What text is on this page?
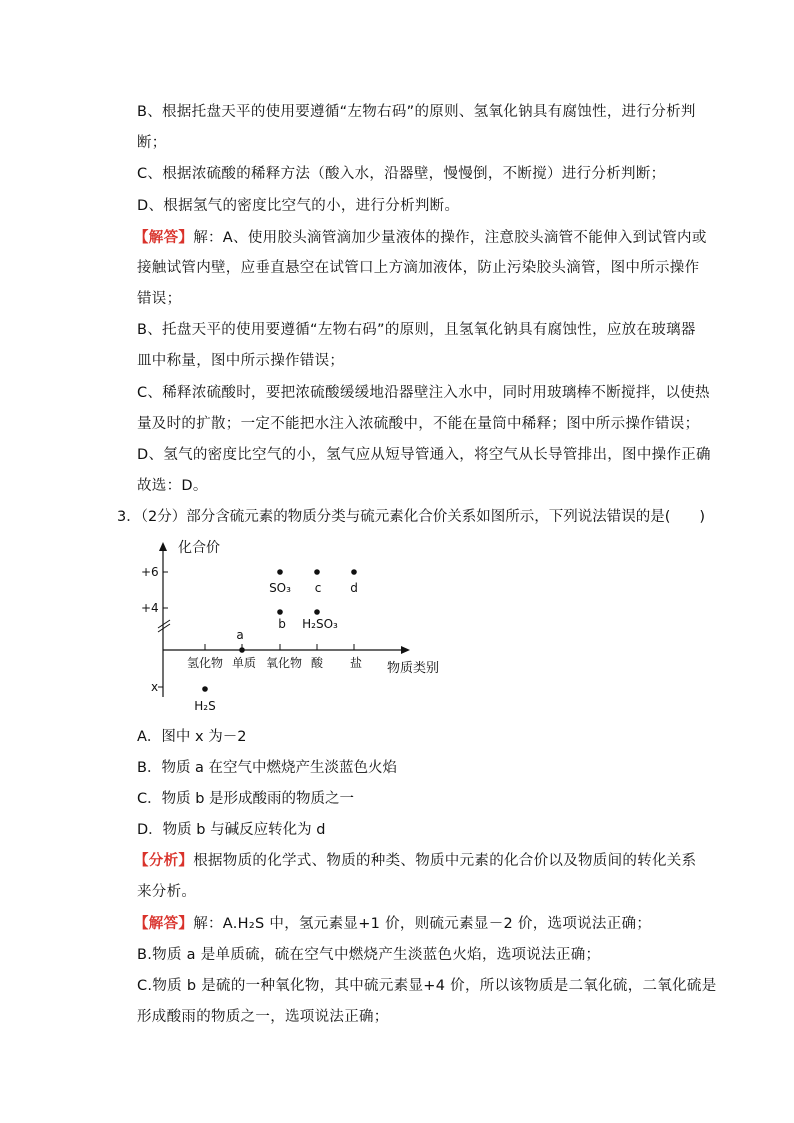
B、根据托盘天平的使用要遵循“左物右码”的原则、氢氧化钠具有腐蚀性，进行分析判
断；
C、根据浓硫酸的稀释方法（酸入水，沿器壁，慢慢倒，不断搅）进行分析判断；
D、根据氢气的密度比空气的小，进行分析判断。
【解答】解：A、使用胶头滴管滴加少量液体的操作，注意胶头滴管不能伸入到试管内或
接触试管内壁，应垂直悬空在试管口上方滴加液体，防止污染胶头滴管，图中所示操作
错误；
B、托盘天平的使用要遵循“左物右码”的原则，且氢氧化钠具有腐蚀性，应放在玻璃器
皿中称量，图中所示操作错误；
C、稀释浓硫酸时，要把浓硫酸缓缓地沿器壁注入水中，同时用玻璃棒不断搅拌，以使热
量及时的扩散；一定不能把水注入浓硫酸中，不能在量筒中稀释；图中所示操作错误；
D、氢气的密度比空气的小，氢气应从短导管通入，将空气从长导管排出，图中操作正确
故选：D。
3．（2分）部分含硫元素的物质分类与硫元素化合价关系如图所示，下列说法错误的是(　　)
化合价
物质类别
+6
+4
x
氢化物 单质 氧化物 酸 盐
SO₃ c d
b H₂SO₃
a
H₂S
A．图中 x 为－2
B．物质 a 在空气中燃烧产生淡蓝色火焰
C．物质 b 是形成酸雨的物质之一
D．物质 b 与碱反应转化为 d
【分析】根据物质的化学式、物质的种类、物质中元素的化合价以及物质间的转化关系
来分析。
【解答】解：A.H₂S 中，氢元素显+1 价，则硫元素显－2 价，选项说法正确；
B.物质 a 是单质硫，硫在空气中燃烧产生淡蓝色火焰，选项说法正确；
C.物质 b 是硫的一种氧化物，其中硫元素显+4 价，所以该物质是二氧化硫，二氧化硫是
形成酸雨的物质之一，选项说法正确；
